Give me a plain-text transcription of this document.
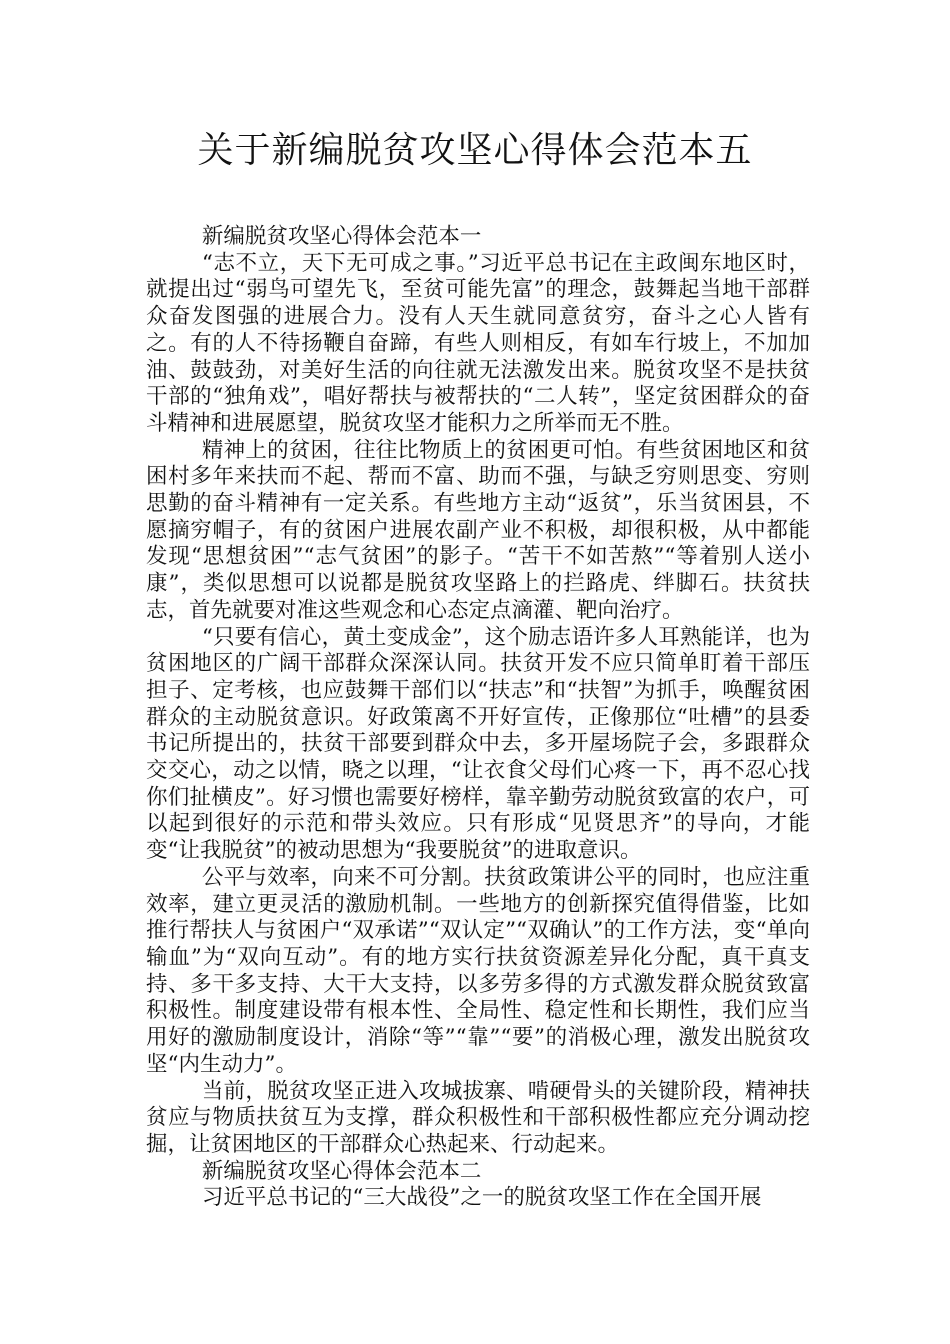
关于新编脱贫攻坚心得体会范本五

新编脱贫攻坚心得体会范本一

“志不立，天下无可成之事。”习近平总书记在主政闽东地区时，就提出过“弱鸟可望先飞，至贫可能先富”的理念，鼓舞起当地干部群众奋发图强的进展合力。没有人天生就同意贫穷，奋斗之心人皆有之。有的人不待扬鞭自奋蹄，有些人则相反，有如车行坡上，不加加油、鼓鼓劲，对美好生活的向往就无法激发出来。脱贫攻坚不是扶贫干部的“独角戏”，唱好帮扶与被帮扶的“二人转”，坚定贫困群众的奋斗精神和进展愿望，脱贫攻坚才能积力之所举而无不胜。

精神上的贫困，往往比物质上的贫困更可怕。有些贫困地区和贫困村多年来扶而不起、帮而不富、助而不强，与缺乏穷则思变、穷则思勤的奋斗精神有一定关系。有些地方主动“返贫”，乐当贫困县，不愿摘穷帽子，有的贫困户进展农副产业不积极，却很积极，从中都能发现“思想贫困”“志气贫困”的影子。“苦干不如苦熬”“等着别人送小康”，类似思想可以说都是脱贫攻坚路上的拦路虎、绊脚石。扶贫扶志，首先就要对准这些观念和心态定点滴灌、靶向治疗。

“只要有信心，黄土变成金”，这个励志语许多人耳熟能详，也为贫困地区的广阔干部群众深深认同。扶贫开发不应只简单盯着干部压担子、定考核，也应鼓舞干部们以“扶志”和“扶智”为抓手，唤醒贫困群众的主动脱贫意识。好政策离不开好宣传，正像那位“吐槽”的县委书记所提出的，扶贫干部要到群众中去，多开屋场院子会，多跟群众交交心，动之以情，晓之以理，“让衣食父母们心疼一下，再不忍心找你们扯横皮”。好习惯也需要好榜样，靠辛勤劳动脱贫致富的农户，可以起到很好的示范和带头效应。只有形成“见贤思齐”的导向，才能变“让我脱贫”的被动思想为“我要脱贫”的进取意识。

公平与效率，向来不可分割。扶贫政策讲公平的同时，也应注重效率，建立更灵活的激励机制。一些地方的创新探究值得借鉴，比如推行帮扶人与贫困户“双承诺”“双认定”“双确认”的工作方法，变“单向输血”为“双向互动”。有的地方实行扶贫资源差异化分配，真干真支持、多干多支持、大干大支持，以多劳多得的方式激发群众脱贫致富积极性。制度建设带有根本性、全局性、稳定性和长期性，我们应当用好的激励制度设计，消除“等”“靠”“要”的消极心理，激发出脱贫攻坚“内生动力”。

当前，脱贫攻坚正进入攻城拔寨、啃硬骨头的关键阶段，精神扶贫应与物质扶贫互为支撑，群众积极性和干部积极性都应充分调动挖掘，让贫困地区的干部群众心热起来、行动起来。

新编脱贫攻坚心得体会范本二

习近平总书记的“三大战役”之一的脱贫攻坚工作在全国开展
